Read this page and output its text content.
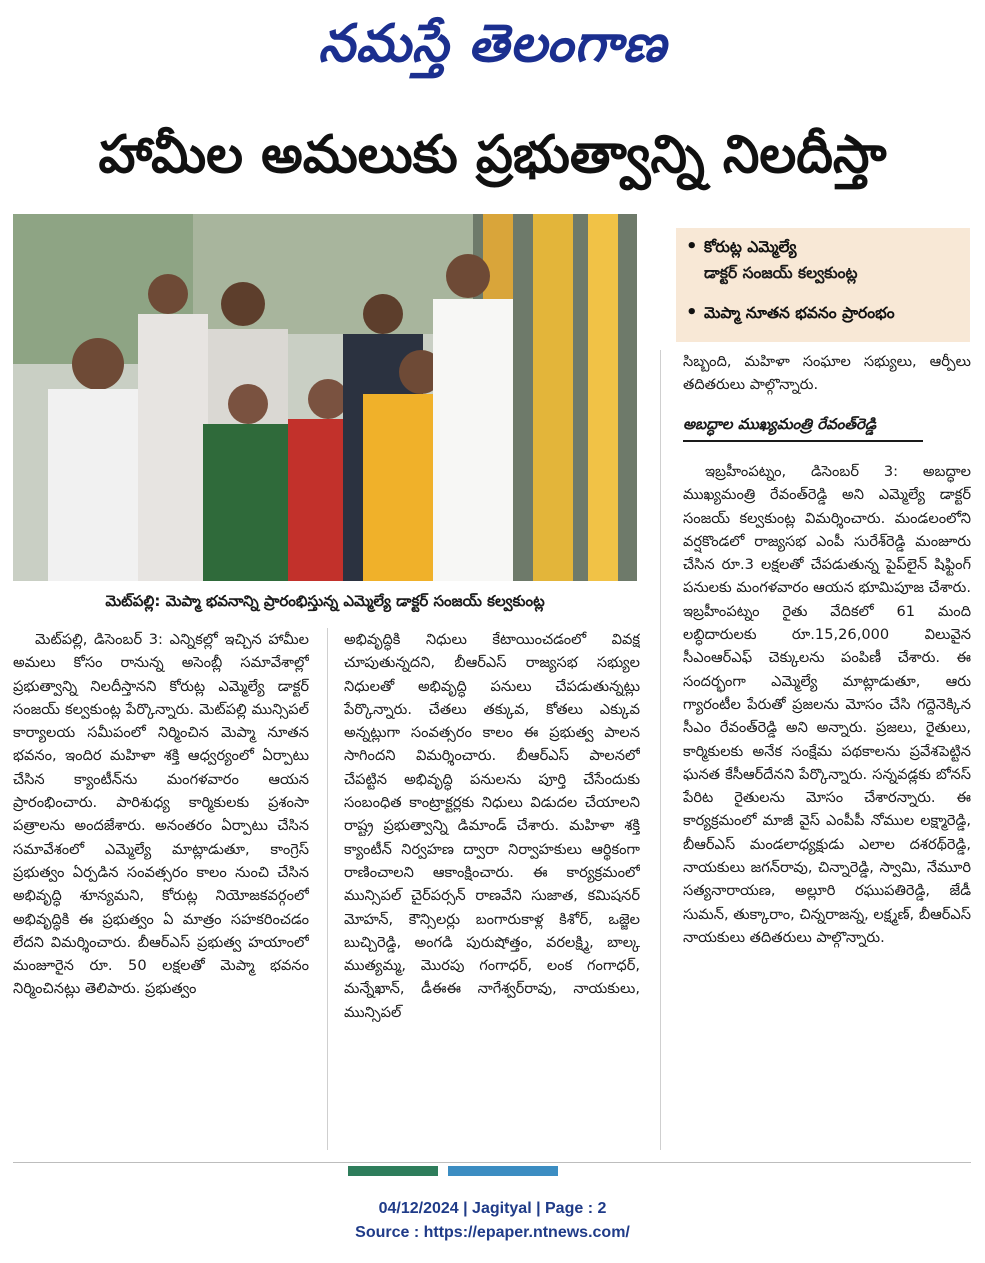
నమస్తే తెలంగాణ
హామీల అమలుకు ప్రభుత్వాన్ని నిలదీస్తా
మెట్‌పల్లి: మెప్మా భవనాన్ని ప్రారంభిస్తున్న ఎమ్మెల్యే డాక్టర్ సంజయ్ కల్వకుంట్ల
• కోరుట్ల ఎమ్మెల్యే
డాక్టర్ సంజయ్ కల్వకుంట్ల
• మెప్మా నూతన భవనం ప్రారంభం
సిబ్బంది, మహిళా సంఘాల సభ్యులు, ఆర్పీలు తదితరులు పాల్గొన్నారు.
అబద్ధాల ముఖ్యమంత్రి రేవంత్‌రెడ్డి
ఇబ్రహీంపట్నం, డిసెంబర్ 3: అబద్ధాల ముఖ్యమంత్రి రేవంత్‌రెడ్డి అని ఎమ్మెల్యే డాక్టర్ సంజయ్ కల్వకుంట్ల విమర్శించారు. మండలంలోని వర్షకొండలో రాజ్యసభ ఎంపీ సురేశ్‌రెడ్డి మంజూరు చేసిన రూ.3 లక్షలతో చేపడుతున్న పైప్‌లైన్ షిఫ్టింగ్ పనులకు మంగళవారం ఆయన భూమిపూజ చేశారు. ఇబ్రహీంపట్నం రైతు వేదికలో 61 మంది లబ్ధిదారులకు రూ.15,26,000 విలువైన సీఎంఆర్‌ఎఫ్ చెక్కులను పంపిణీ చేశారు. ఈ సందర్భంగా ఎమ్మెల్యే మాట్లాడుతూ, ఆరు గ్యారంటీల పేరుతో ప్రజలను మోసం చేసి గద్దెనెక్కిన సీఎం రేవంత్‌రెడ్డి అని అన్నారు. ప్రజలు, రైతులు, కార్మికులకు అనేక సంక్షేమ పథకాలను ప్రవేశపెట్టిన ఘనత కేసీఆర్‌దేనని పేర్కొన్నారు. సన్నవడ్లకు బోనస్ పేరిట రైతులను మోసం చేశారన్నారు. ఈ కార్యక్రమంలో మాజీ వైస్ ఎంపీపీ నోముల లక్ష్మారెడ్డి, బీఆర్‌ఎస్ మండలాధ్యక్షుడు ఎలాల దశరథ్‌రెడ్డి, నాయకులు జగన్‌రావు, చిన్నారెడ్డి, స్వామి, నేమూరి సత్యనారాయణ, అల్లూరి రఘుపతిరెడ్డి, జేడీ సుమన్, తుక్కారాం, చిన్నరాజన్న, లక్ష్మణ్, బీఆర్‌ఎస్ నాయకులు తదితరులు పాల్గొన్నారు.
మెట్‌పల్లి, డిసెంబర్ 3: ఎన్నికల్లో ఇచ్చిన హామీల అమలు కోసం రానున్న అసెంబ్లీ సమావేశాల్లో ప్రభుత్వాన్ని నిలదీస్తానని కోరుట్ల ఎమ్మెల్యే డాక్టర్ సంజయ్ కల్వకుంట్ల పేర్కొన్నారు. మెట్‌పల్లి మున్సిపల్ కార్యాలయ సమీపంలో నిర్మించిన మెప్మా నూతన భవనం, ఇందిర మహిళా శక్తి ఆధ్వర్యంలో ఏర్పాటు చేసిన క్యాంటీన్‌ను మంగళవారం ఆయన ప్రారంభించారు. పారిశుధ్య కార్మికులకు ప్రశంసా పత్రాలను అందజేశారు. అనంతరం ఏర్పాటు చేసిన సమావేశంలో ఎమ్మెల్యే మాట్లాడుతూ, కాంగ్రెస్ ప్రభుత్వం ఏర్పడిన సంవత్సరం కాలం నుంచి చేసిన అభివృద్ధి శూన్యమని, కోరుట్ల నియోజకవర్గంలో అభివృద్ధికి ఈ ప్రభుత్వం ఏ మాత్రం సహకరించడం లేదని విమర్శించారు. బీఆర్‌ఎస్ ప్రభుత్వ హయాంలో మంజూరైన రూ. 50 లక్షలతో మెప్మా భవనం నిర్మించినట్లు తెలిపారు. ప్రభుత్వం
అభివృద్ధికి నిధులు కేటాయించడంలో వివక్ష చూపుతున్నదని, బీఆర్‌ఎస్ రాజ్యసభ సభ్యుల నిధులతో అభివృద్ధి పనులు చేపడుతున్నట్లు పేర్కొన్నారు. చేతలు తక్కువ, కోతలు ఎక్కువ అన్నట్లుగా సంవత్సరం కాలం ఈ ప్రభుత్వ పాలన సాగిందని విమర్శించారు. బీఆర్‌ఎస్ పాలనలో చేపట్టిన అభివృద్ధి పనులను పూర్తి చేసేందుకు సంబంధిత కాంట్రాక్టర్లకు నిధులు విడుదల చేయాలని రాష్ట్ర ప్రభుత్వాన్ని డిమాండ్ చేశారు. మహిళా శక్తి క్యాంటీన్ నిర్వహణ ద్వారా నిర్వాహకులు ఆర్థికంగా రాణించాలని ఆకాంక్షించారు. ఈ కార్యక్రమంలో మున్సిపల్ చైర్‌పర్సన్ రాణవేని సుజాత, కమిషనర్ మోహన్, కౌన్సిలర్లు బంగారుకాళ్ల కిశోర్, ఒజ్జెల బుచ్చిరెడ్డి, అంగడి పురుషోత్తం, వరలక్ష్మి, బాల్క ముత్యమ్మ, మొరపు గంగాధర్, లంక గంగాధర్, మన్నేఖాన్, డీఈఈ నాగేశ్వర్‌రావు, నాయకులు, మున్సిపల్
04/12/2024 | Jagityal | Page : 2
Source : https://epaper.ntnews.com/
